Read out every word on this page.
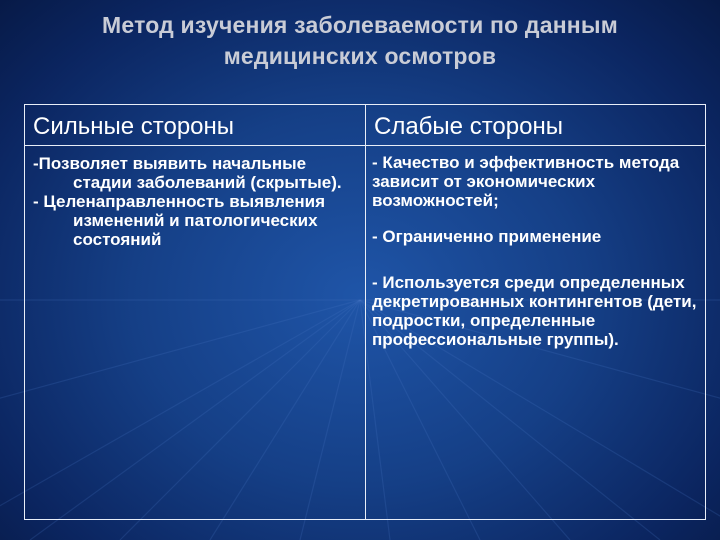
Метод изучения заболеваемости по данным
медицинских осмотров
Сильные стороны	Слабые стороны

-Позволяет выявить начальные стадии заболеваний (скрытые).

- Целенаправленность выявления изменений и патологических состояний

- Качество и эффективность метода зависит от экономических возможностей;

- Ограниченно применение

- Используется среди определенных декретированных контингентов (дети, подростки, определенные профессиональные группы).
